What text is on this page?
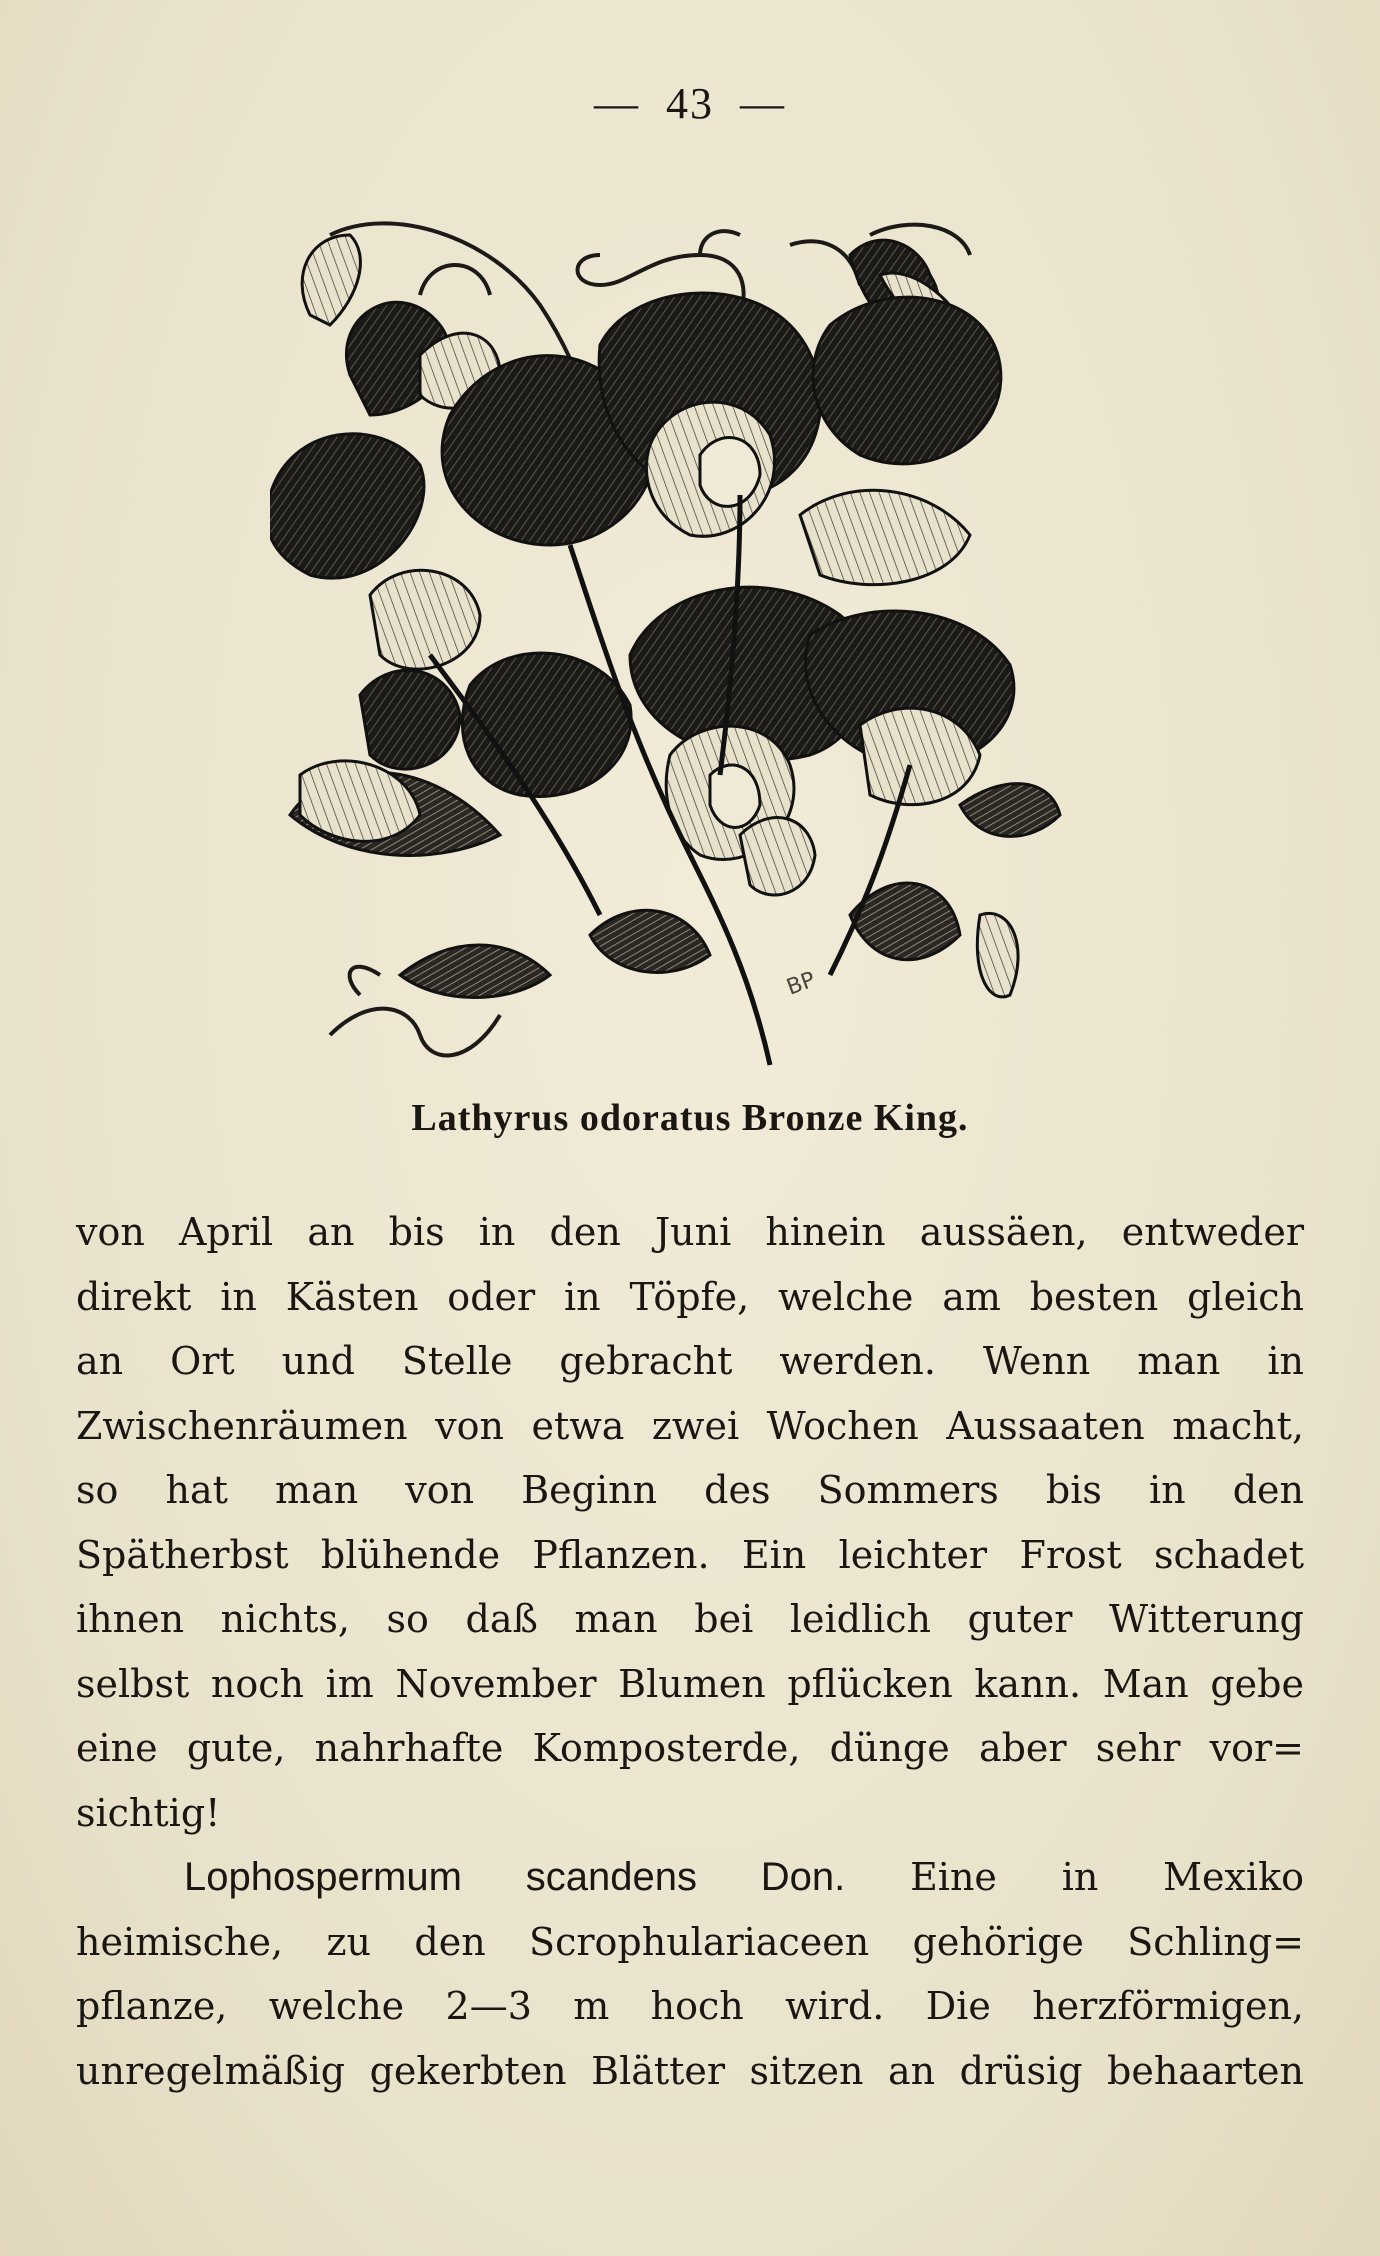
— 43 —
BP
Lathyrus odoratus Bronze King.
von April an bis in den Juni hinein aussäen, entweder
direkt in Kästen oder in Töpfe, welche am besten gleich
an Ort und Stelle gebracht werden. Wenn man in
Zwischenräumen von etwa zwei Wochen Aussaaten macht,
so hat man von Beginn des Sommers bis in den
Spätherbst blühende Pflanzen. Ein leichter Frost schadet
ihnen nichts, so daß man bei leidlich guter Witterung
selbst noch im November Blumen pflücken kann. Man gebe
eine gute, nahrhafte Komposterde, dünge aber sehr vor=
sichtig!
Lophospermum scandens Don. Eine in Mexiko
heimische, zu den Scrophulariaceen gehörige Schling=
pflanze, welche 2—3 m hoch wird. Die herzförmigen,
unregelmäßig gekerbten Blätter sitzen an drüsig behaarten
